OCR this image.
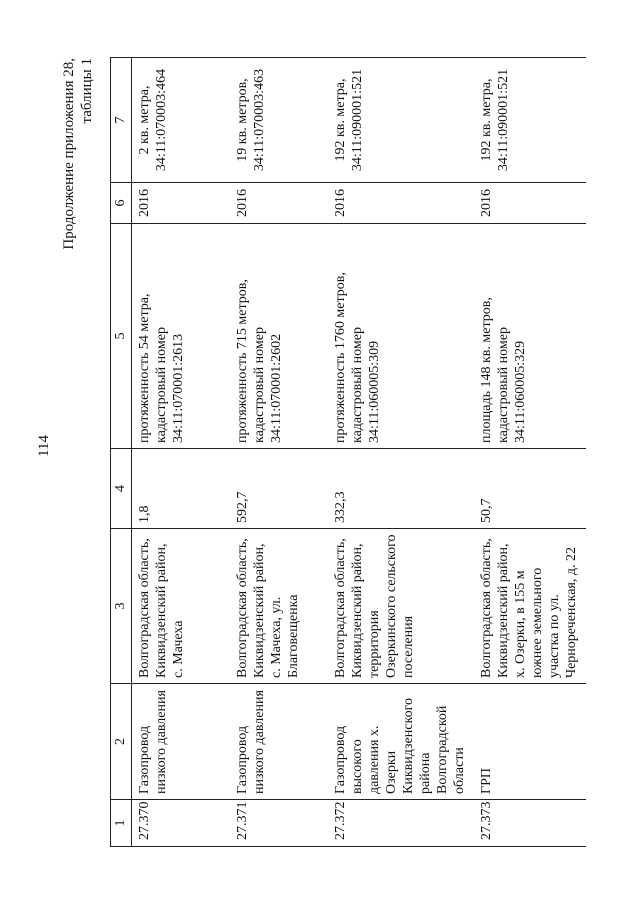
114
Продолжение приложения 28, таблицы 1
1	2	3	4	5	6	7
27.370	Газопровод низкого давления	Волгоградская область, Киквидзенский район, с. Мачеха	1,8	протяженность 54 метра, кадастровый номер 34:11:070001:2613	2016	2 кв. метра, 34:11:070003:464
27.371	Газопровод низкого давления	Волгоградская область, Киквидзенский район, с. Мачеха, ул. Благовещенка	592,7	протяженность 715 метров, кадастровый номер 34:11:070001:2602	2016	19 кв. метров, 34:11:070003:463
27.372	Газопровод высокого давления х. Озерки Киквидзенского района Волгоградской области	Волгоградская область, Киквидзенский район, территория Озеркинского сельского поселения	332,3	протяженность 1760 метров, кадастровый номер 34:11:060005:309	2016	192 кв. метра, 34:11:090001:521
27.373	ГРП	Волгоградская область, Киквидзенский район, х. Озерки, в 155 м южнее земельного участка по ул. Чернореченская, д. 22	50,7	площадь 148 кв. метров, кадастровый номер 34:11:060005:329	2016	192 кв. метра, 34:11:090001:521
